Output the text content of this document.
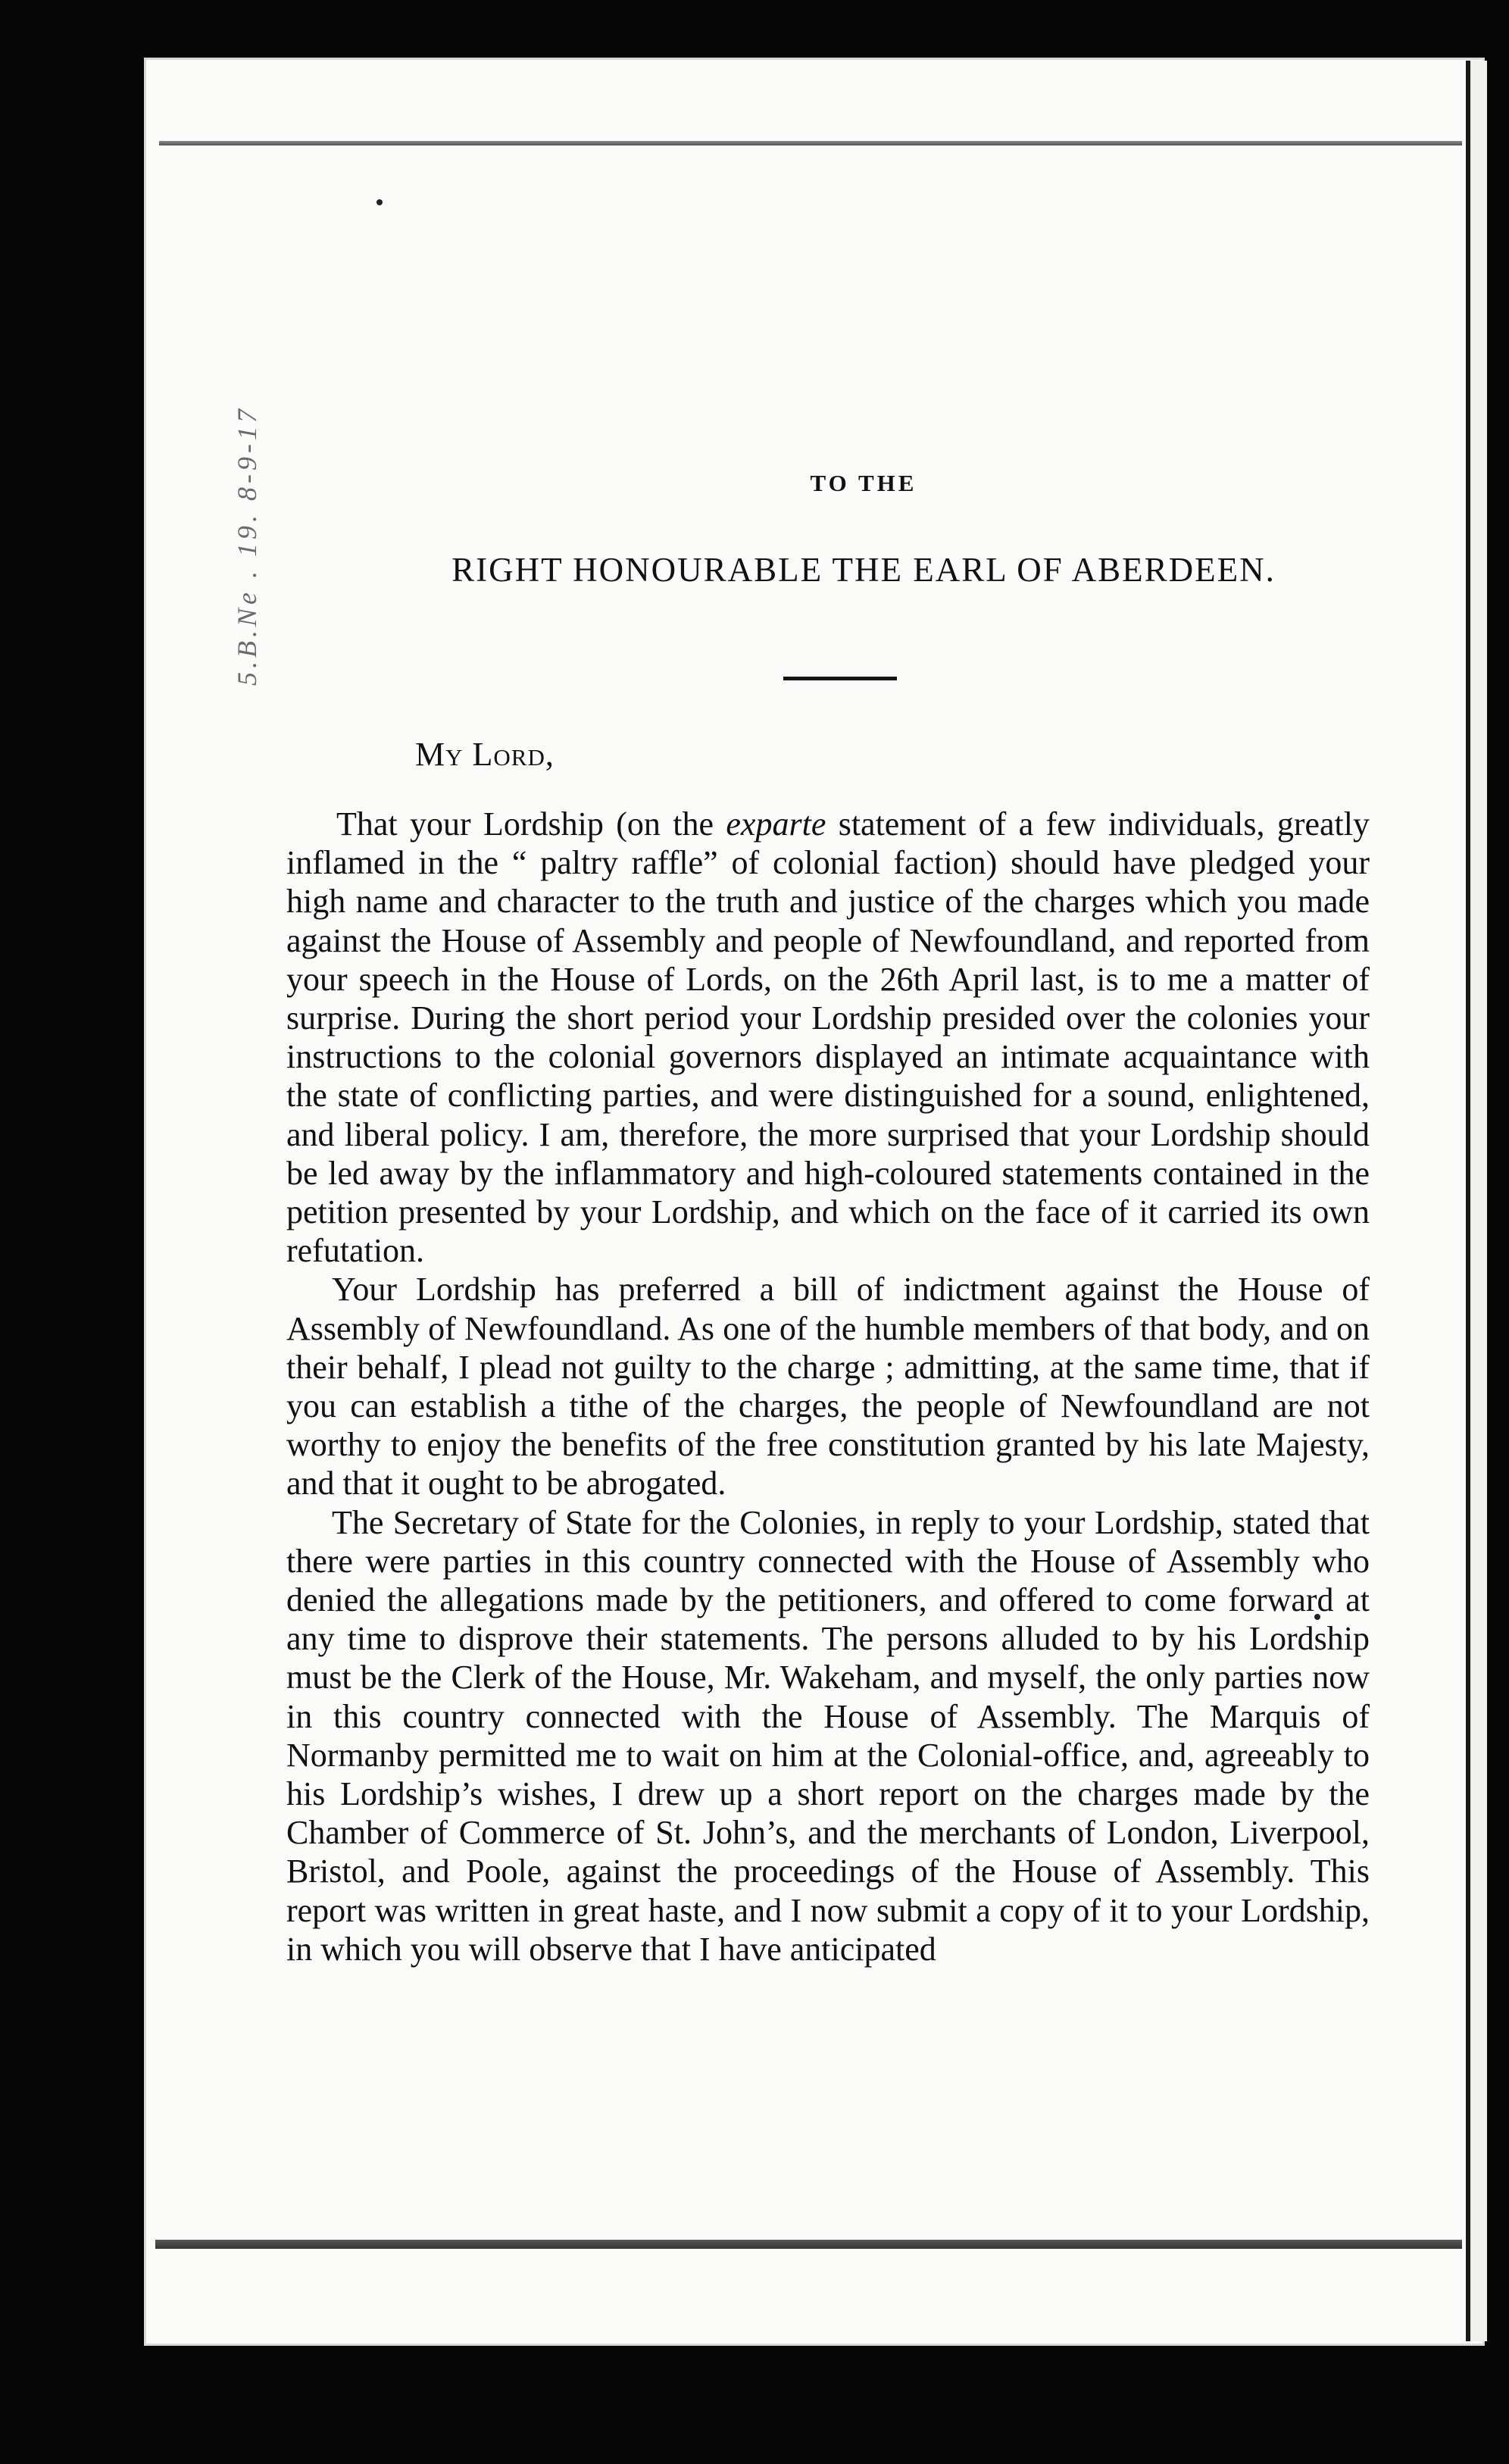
5.B.Ne . 19. 8-9-17	TO THE
RIGHT HONOURABLE THE EARL OF ABERDEEN.
My Lord,

That your Lordship (on the exparte statement of a few individuals, greatly inflamed in the “ paltry raffle” of colonial faction) should have pledged your high name and character to the truth and justice of the charges which you made against the House of Assembly and people of Newfoundland, and reported from your speech in the House of Lords, on the 26th April last, is to me a matter of surprise. During the short period your Lordship presided over the colonies your instructions to the colonial governors displayed an intimate acquaintance with the state of conflicting parties, and were distinguished for a sound, enlightened, and liberal policy. I am, therefore, the more surprised that your Lordship should be led away by the inflammatory and high-coloured statements contained in the petition presented by your Lordship, and which on the face of it carried its own refutation.

Your Lordship has preferred a bill of indictment against the House of Assembly of Newfoundland. As one of the humble members of that body, and on their behalf, I plead not guilty to the charge ; admitting, at the same time, that if you can establish a tithe of the charges, the people of Newfoundland are not worthy to enjoy the benefits of the free constitution granted by his late Majesty, and that it ought to be abrogated.

The Secretary of State for the Colonies, in reply to your Lordship, stated that there were parties in this country connected with the House of Assembly who denied the allegations made by the petitioners, and offered to come forward at any time to disprove their statements. The persons alluded to by his Lordship must be the Clerk of the House, Mr. Wakeham, and myself, the only parties now in this country connected with the House of Assembly. The Marquis of Normanby permitted me to wait on him at the Colonial-office, and, agreeably to his Lordship’s wishes, I drew up a short report on the charges made by the Chamber of Commerce of St. John’s, and the merchants of London, Liverpool, Bristol, and Poole, against the proceedings of the House of Assembly. This report was written in great haste, and I now submit a copy of it to your Lordship, in which you will observe that I have anticipated
